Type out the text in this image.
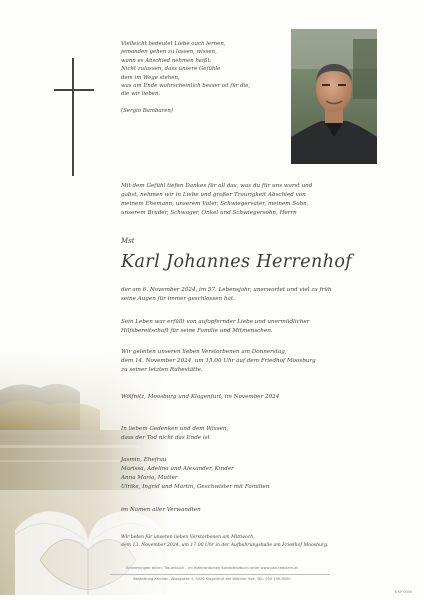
Vielleicht bedeutet Liebe auch lernen,
jemanden gehen zu lassen, wissen,
wann es Abschied nehmen heißt.
Nicht zulassen, dass unsere Gefühle
dem im Wege stehen,
was am Ende wahrscheinlich besser ist für die,
die wir lieben.
(Sergio Bambaren)
Mit dem Gefühl tiefen Dankes für all das, was du für uns warst und
gabst, nehmen wir in Liebe und großer Traurigkeit Abschied von
meinem Ehemann, unserem Vater, Schwiegervater, meinem Sohn,
unserem Bruder, Schwager, Onkel und Schwiegersohn, Herrn
Mst
Karl Johannes Herrenhof
der am 6. November 2024, im 57. Lebensjahr, unerwartet und viel zu früh
seine Augen für immer geschlossen hat.
Sein Leben war erfüllt von aufopfernder Liebe und unermüdlicher
Hilfsbereitschaft für seine Familie und Mitmenschen.
Wir geleiten unseren lieben Verstorbenen am Donnerstag,
dem 14. November 2024, um 15.00 Uhr auf dem Friedhof Moosburg
zu seiner letzten Ruhestätte.
Wölfnitz, Moosburg und Klagenfurt, im November 2024
In liebem Gedenken und dem Wissen,
dass der Tod nicht das Ende ist
Jasmin, Ehefrau
Marissa, Adelina und Alexander, Kinder
Anna Maria, Mutter
Ulrike, Ingrid und Martin, Geschwister mit Familien
im Namen aller Verwandten
Wir beten für unseren lieben Verstorbenen am Mittwoch,
dem 13. November 2024, um 17.00 Uhr in der Aufbahrungshalle am Friedhof Moosburg.
Erinnerungen teilen: Trauerbuch – im elektronischen Kondolenzbuch unter www.pax-requiem.at
Bestattung Kärnten, Wiesgasse 3, 9020 Klagenfurt am Wörther See, Tel.: 050 199-9000
K KP 0000
